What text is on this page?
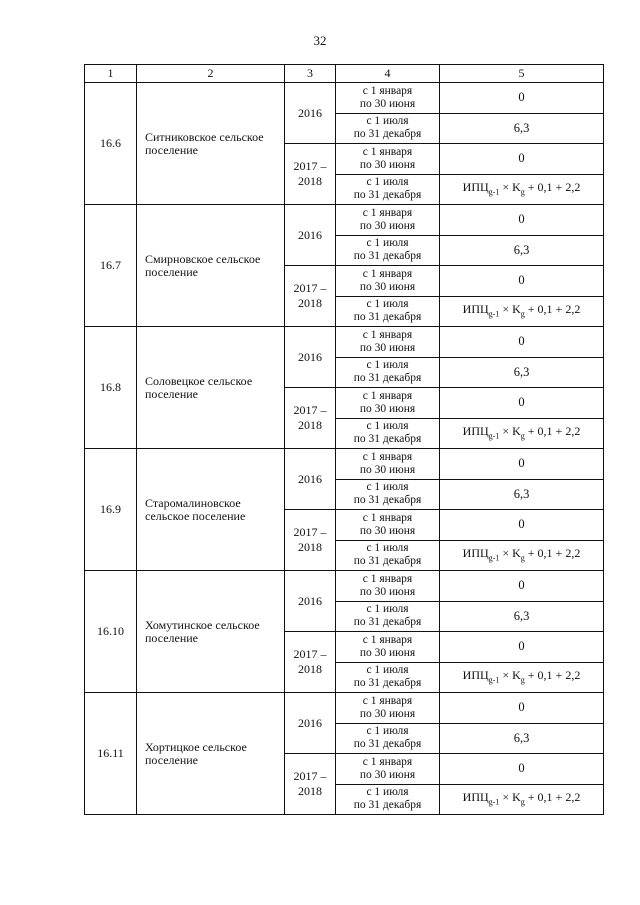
32
1	2	3	4	5
16.6	Ситниковское сельское поселение	2016	с 1 января
по 30 июня	0

			с 1 июля
по 31 декабря	6,3
		2017 – 2018	с 1 января
по 30 июня	0

			с 1 июля
по 31 декабря	$ИПЦ_{g-1} \times K_g + 0,1 + 2,2$
16.7	Смирновское сельское поселение	2016	с 1 января
по 30 июня	0

			с 1 июля
по 31 декабря	6,3
		2017 – 2018	с 1 января
по 30 июня	0

			с 1 июля
по 31 декабря	$ИПЦ_{g-1} \times K_g + 0,1 + 2,2$
16.8	Соловецкое сельское поселение	2016	с 1 января
по 30 июня	0

			с 1 июля
по 31 декабря	6,3
		2017 – 2018	с 1 января
по 30 июня	0

			с 1 июля
по 31 декабря	$ИПЦ_{g-1} \times K_g + 0,1 + 2,2$
16.9	Старомалиновское сельское поселение	2016	с 1 января
по 30 июня	0

			с 1 июля
по 31 декабря	6,3
		2017 – 2018	с 1 января
по 30 июня	0

			с 1 июля
по 31 декабря	$ИПЦ_{g-1} \times K_g + 0,1 + 2,2$
16.10	Хомутинское сельское поселение	2016	с 1 января
по 30 июня	0

			с 1 июля
по 31 декабря	6,3
		2017 – 2018	с 1 января
по 30 июня	0

			с 1 июля
по 31 декабря	$ИПЦ_{g-1} \times K_g + 0,1 + 2,2$
16.11	Хортицкое сельское поселение	2016	с 1 января
по 30 июня	0

			с 1 июля
по 31 декабря	6,3
		2017 – 2018	с 1 января
по 30 июня	0

			с 1 июля
по 31 декабря	$ИПЦ_{g-1} \times K_g + 0,1 + 2,2$
